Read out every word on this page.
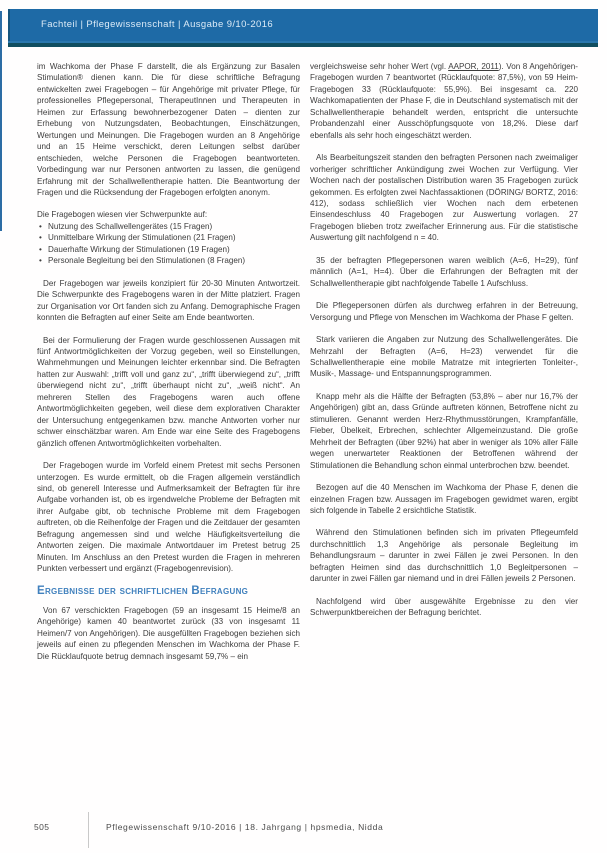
Fachteil | Pflegewissenschaft | Ausgabe 9/10-2016

im Wachkoma der Phase F darstellt, die als Ergänzung zur Basalen Stimulation® dienen kann. Die für diese schriftliche Befragung entwickelten zwei Fragebogen – für Angehörige mit privater Pflege, für professionelles Pflegepersonal, TherapeutInnen und Therapeuten in Heimen zur Erfassung bewohnerbezogener Daten – dienten zur Erhebung von Nutzungsdaten, Beobachtungen, Einschätzungen, Wertungen und Meinungen. Die Fragebogen wurden an 8 Angehörige und an 15 Heime verschickt, deren Leitungen selbst darüber entschieden, welche Personen die Fragebogen beantworteten. Vorbedingung war nur Personen antworten zu lassen, die genügend Erfahrung mit der Schallwellentherapie hatten. Die Beantwortung der Fragen und die Rücksendung der Fragebogen erfolgten anonym.

Die Fragebogen wiesen vier Schwerpunkte auf:

• Nutzung des Schallwellengerätes (15 Fragen)
• Unmittelbare Wirkung der Stimulationen (21 Fragen)
• Dauerhafte Wirkung der Stimulationen (19 Fragen)
• Personale Begleitung bei den Stimulationen (8 Fragen)

Der Fragebogen war jeweils konzipiert für 20-30 Minuten Antwortzeit. Die Schwerpunkte des Fragebogens waren in der Mitte platziert. Fragen zur Organisation vor Ort fanden sich zu Anfang. Demographische Fragen konnten die Befragten auf einer Seite am Ende beantworten.

Bei der Formulierung der Fragen wurde geschlossenen Aussagen mit fünf Antwortmöglichkeiten der Vorzug gegeben, weil so Einstellungen, Wahrnehmungen und Meinungen leichter erkennbar sind. Die Befragten hatten zur Auswahl: „trifft voll und ganz zu“, „trifft überwiegend zu“, „trifft überwiegend nicht zu“, „trifft überhaupt nicht zu“, „weiß nicht“. An mehreren Stellen des Fragebogens waren auch offene Antwortmöglichkeiten gegeben, weil diese dem explorativen Charakter der Untersuchung entgegenkamen bzw. manche Antworten vorher nur schwer einschätzbar waren. Am Ende war eine Seite des Fragebogens gänzlich offenen Antwortmöglichkeiten vorbehalten.

Der Fragebogen wurde im Vorfeld einem Pretest mit sechs Personen unterzogen. Es wurde ermittelt, ob die Fragen allgemein verständlich sind, ob generell Interesse und Aufmerksamkeit der Befragten für ihre Aufgabe vorhanden ist, ob es irgendwelche Probleme der Befragten mit ihrer Aufgabe gibt, ob technische Probleme mit dem Fragebogen auftreten, ob die Reihenfolge der Fragen und die Zeitdauer der gesamten Befragung angemessen sind und welche Häufigkeitsverteilung die Antworten zeigen. Die maximale Antwortdauer im Pretest betrug 25 Minuten. Im Anschluss an den Pretest wurden die Fragen in mehreren Punkten verbessert und ergänzt (Fragebogenrevision).

Ergebnisse der schriftlichen Befragung

Von 67 verschickten Fragebogen (59 an insgesamt 15 Heime/8 an Angehörige) kamen 40 beantwortet zurück (33 von insgesamt 11 Heimen/7 von Angehörigen). Die ausgefüllten Fragebogen beziehen sich jeweils auf einen zu pflegenden Menschen im Wachkoma der Phase F. Die Rücklaufquote betrug demnach insgesamt 59,7% – ein

vergleichsweise sehr hoher Wert (vgl. AAPOR, 2011). Von 8 Angehörigen-Fragebogen wurden 7 beantwortet (Rücklaufquote: 87,5%), von 59 Heim-Fragebogen 33 (Rücklaufquote: 55,9%). Bei insgesamt ca. 220 Wachkomapatienten der Phase F, die in Deutschland systematisch mit der Schallwellentherapie behandelt werden, entspricht die untersuchte Probandenzahl einer Ausschöpfungsquote von 18,2%. Diese darf ebenfalls als sehr hoch eingeschätzt werden.

Als Bearbeitungszeit standen den befragten Personen nach zweimaliger vorheriger schriftlicher Ankündigung zwei Wochen zur Verfügung. Vier Wochen nach der postalischen Distribution waren 35 Fragebogen zurück gekommen. Es erfolgten zwei Nachfassaktionen (DÖRING/ BORTZ, 2016: 412), sodass schließlich vier Wochen nach dem erbetenen Einsendeschluss 40 Fragebogen zur Auswertung vorlagen. 27 Fragebogen blieben trotz zweifacher Erinnerung aus. Für die statistische Auswertung gilt nachfolgend n = 40.

35 der befragten Pflegepersonen waren weiblich (A=6, H=29), fünf männlich (A=1, H=4). Über die Erfahrungen der Befragten mit der Schallwellentherapie gibt nachfolgende Tabelle 1 Aufschluss.

Die Pflegepersonen dürfen als durchweg erfahren in der Betreuung, Versorgung und Pflege von Menschen im Wachkoma der Phase F gelten.

Stark variieren die Angaben zur Nutzung des Schallwellengerätes. Die Mehrzahl der Befragten (A=6, H=23) verwendet für die Schallwellentherapie eine mobile Matratze mit integrierten Tonleiter-, Musik-, Massage- und Entspannungsprogrammen.

Knapp mehr als die Hälfte der Befragten (53,8% – aber nur 16,7% der Angehörigen) gibt an, dass Gründe auftreten können, Betroffene nicht zu stimulieren. Genannt werden Herz-Rhythmusstörungen, Krampfanfälle, Fieber, Übelkeit, Erbrechen, schlechter Allgemeinzustand. Die große Mehrheit der Befragten (über 92%) hat aber in weniger als 10% aller Fälle wegen unerwarteter Reaktionen der Betroffenen während der Stimulationen die Behandlung schon einmal unterbrochen bzw. beendet.

Bezogen auf die 40 Menschen im Wachkoma der Phase F, denen die einzelnen Fragen bzw. Aussagen im Fragebogen gewidmet waren, ergibt sich folgende in Tabelle 2 ersichtliche Statistik.

Während den Stimulationen befinden sich im privaten Pflegeumfeld durchschnittlich 1,3 Angehörige als personale Begleitung im Behandlungsraum – darunter in zwei Fällen je zwei Personen. In den befragten Heimen sind das durchschnittlich 1,0 Begleitpersonen – darunter in zwei Fällen gar niemand und in drei Fällen jeweils 2 Personen.

Nachfolgend wird über ausgewählte Ergebnisse zu den vier Schwerpunktbereichen der Befragung berichtet.

505	Pflegewissenschaft 9/10-2016 | 18. Jahrgang | hpsmedia, Nidda
